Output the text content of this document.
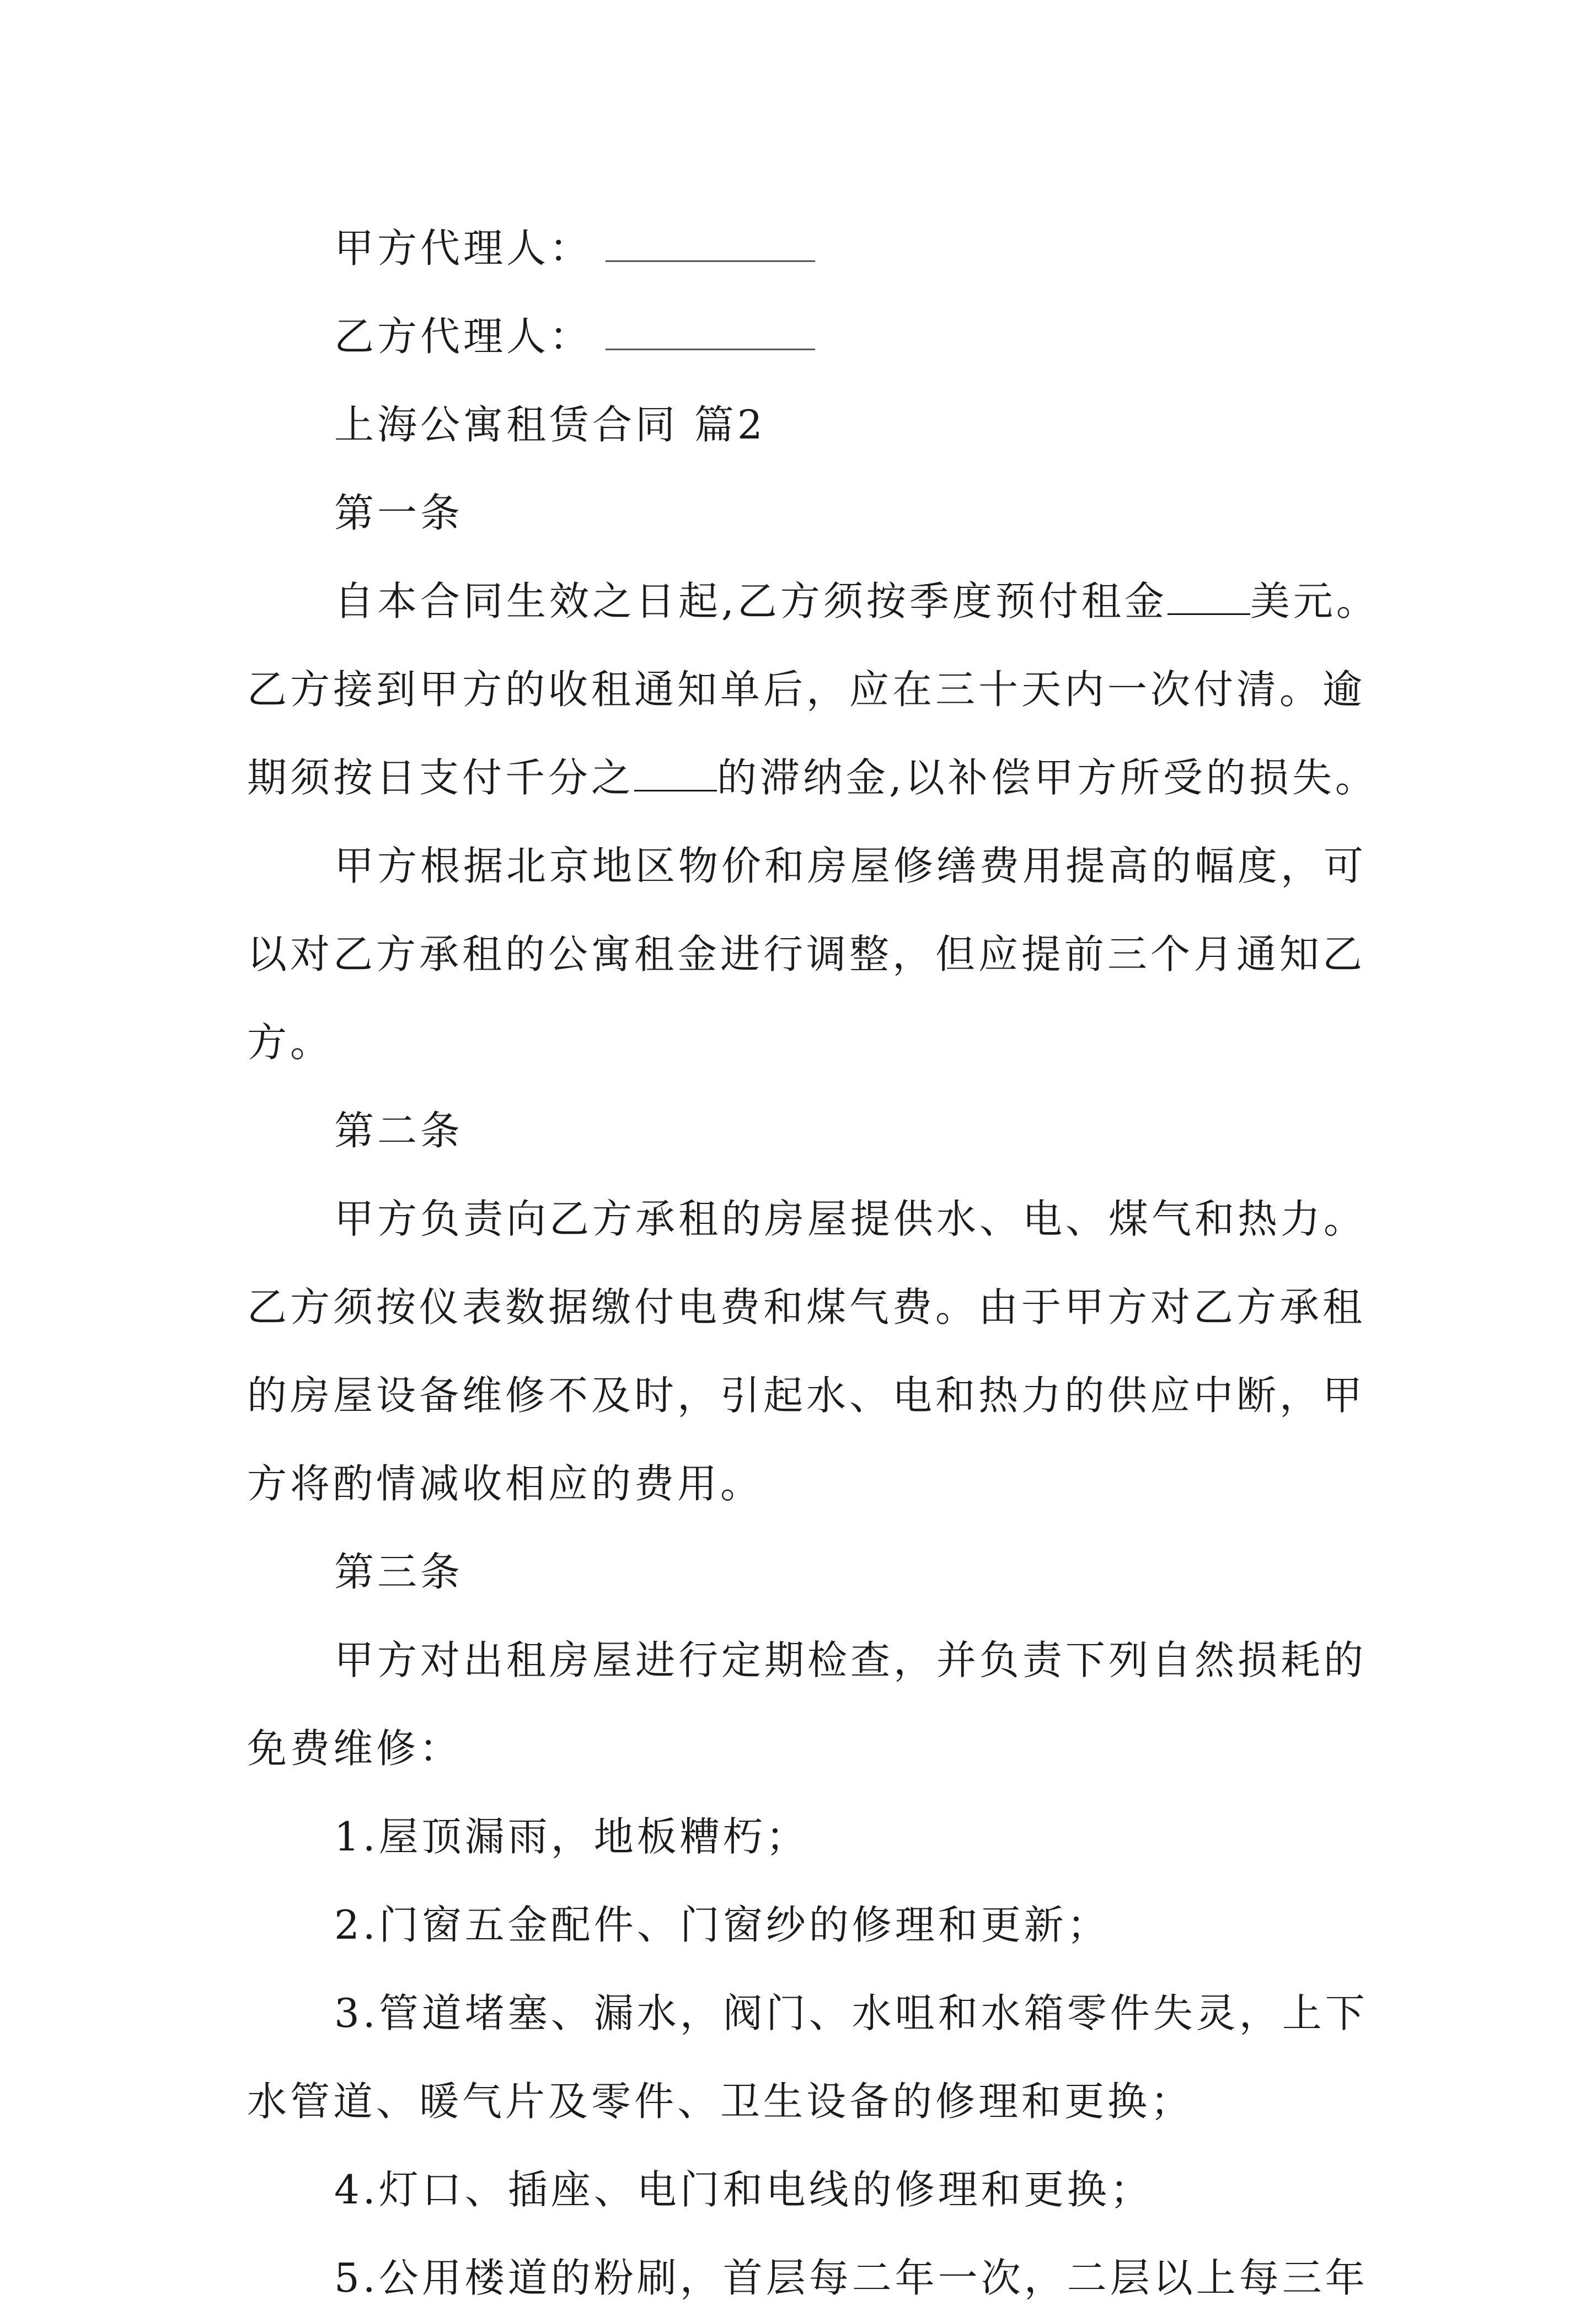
甲方代理人：

乙方代理人：

上海公寓租赁合同 篇2

第一条

自本合同生效之日起,乙方须按季度预付租金 美元。

乙方接到甲方的收租通知单后，应在三十天内一次付清。逾

期须按日支付千分之 的滞纳金,以补偿甲方所受的损失。

甲方根据北京地区物价和房屋修缮费用提高的幅度，可

以对乙方承租的公寓租金进行调整，但应提前三个月通知乙

方。

第二条

甲方负责向乙方承租的房屋提供水、电、煤气和热力。

乙方须按仪表数据缴付电费和煤气费。由于甲方对乙方承租

的房屋设备维修不及时，引起水、电和热力的供应中断，甲

方将酌情减收相应的费用。

第三条

甲方对出租房屋进行定期检查，并负责下列自然损耗的

免费维修：

1.屋顶漏雨，地板糟朽；

2.门窗五金配件、门窗纱的修理和更新；

3.管道堵塞、漏水，阀门、水咀和水箱零件失灵，上下

水管道、暖气片及零件、卫生设备的修理和更换；

4.灯口、插座、电门和电线的修理和更换；

5.公用楼道的粉刷，首层每二年一次，二层以上每三年
